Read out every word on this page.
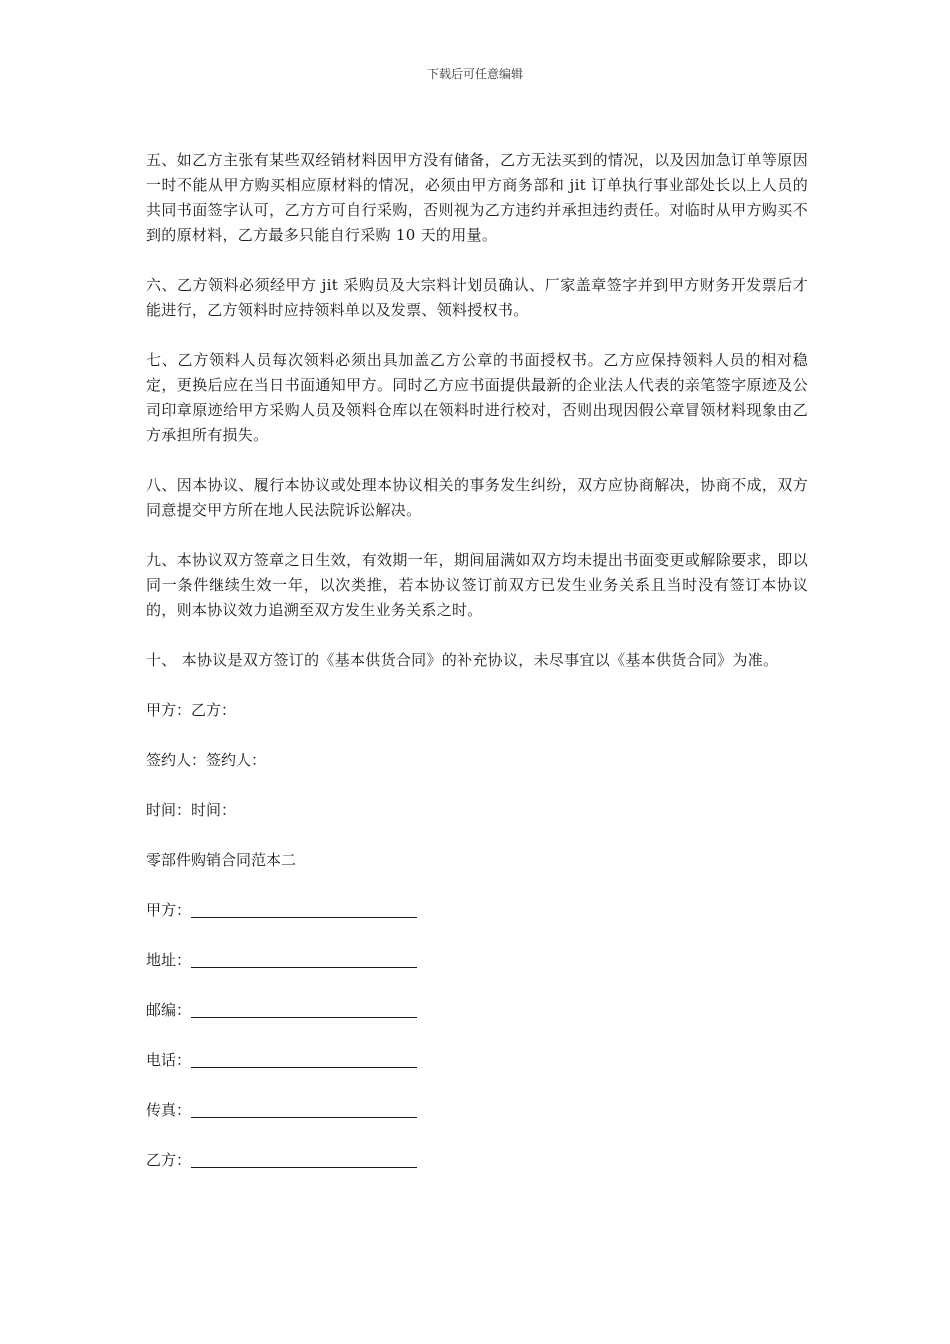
下载后可任意编辑

五、如乙方主张有某些双经销材料因甲方没有储备，乙方无法买到的情况，以及因加急订单等原因一时不能从甲方购买相应原材料的情况，必须由甲方商务部和 jit 订单执行事业部处长以上人员的共同书面签字认可，乙方方可自行采购，否则视为乙方违约并承担违约责任。对临时从甲方购买不到的原材料，乙方最多只能自行采购 10 天的用量。

六、乙方领料必须经甲方 jit 采购员及大宗料计划员确认、厂家盖章签字并到甲方财务开发票后才能进行，乙方领料时应持领料单以及发票、领料授权书。

七、乙方领料人员每次领料必须出具加盖乙方公章的书面授权书。乙方应保持领料人员的相对稳定，更换后应在当日书面通知甲方。同时乙方应书面提供最新的企业法人代表的亲笔签字原迹及公司印章原迹给甲方采购人员及领料仓库以在领料时进行校对，否则出现因假公章冒领材料现象由乙方承担所有损失。

八、因本协议、履行本协议或处理本协议相关的事务发生纠纷，双方应协商解决，协商不成，双方同意提交甲方所在地人民法院诉讼解决。

九、本协议双方签章之日生效，有效期一年，期间届满如双方均未提出书面变更或解除要求，即以同一条件继续生效一年，以次类推，若本协议签订前双方已发生业务关系且当时没有签订本协议的，则本协议效力追溯至双方发生业务关系之时。

十、 本协议是双方签订的《基本供货合同》的补充协议，未尽事宜以《基本供货合同》为准。

甲方：乙方：
签约人：签约人：
时间：时间：
零部件购销合同范本二
甲方：
地址：
邮编：
电话：
传真：
乙方：
